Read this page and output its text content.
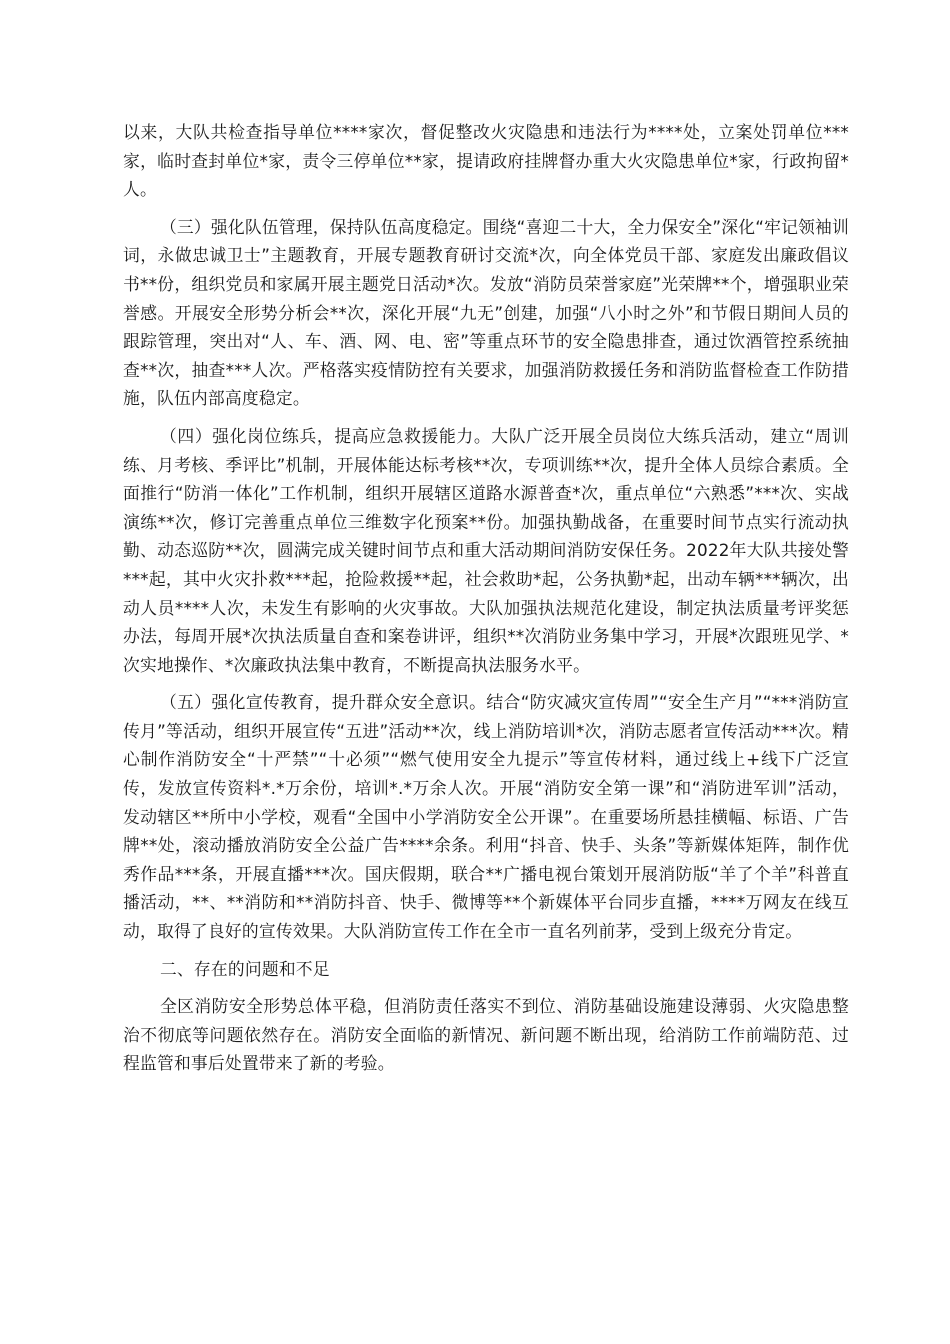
以来，大队共检查指导单位****家次，督促整改火灾隐患和违法行为****处，立案处罚单位***家，临时查封单位*家，责令三停单位**家，提请政府挂牌督办重大火灾隐患单位*家，行政拘留*人。

（三）强化队伍管理，保持队伍高度稳定。围绕“喜迎二十大，全力保安全”深化“牢记领袖训词，永做忠诚卫士”主题教育，开展专题教育研讨交流*次，向全体党员干部、家庭发出廉政倡议书**份，组织党员和家属开展主题党日活动*次。发放“消防员荣誉家庭”光荣牌**个，增强职业荣誉感。开展安全形势分析会**次，深化开展“九无”创建，加强“八小时之外”和节假日期间人员的跟踪管理，突出对“人、车、酒、网、电、密”等重点环节的安全隐患排查，通过饮酒管控系统抽查**次，抽查***人次。严格落实疫情防控有关要求，加强消防救援任务和消防监督检查工作防措施，队伍内部高度稳定。

（四）强化岗位练兵，提高应急救援能力。大队广泛开展全员岗位大练兵活动，建立“周训练、月考核、季评比”机制，开展体能达标考核**次，专项训练**次，提升全体人员综合素质。全面推行“防消一体化”工作机制，组织开展辖区道路水源普查*次，重点单位“六熟悉”***次、实战演练**次，修订完善重点单位三维数字化预案**份。加强执勤战备，在重要时间节点实行流动执勤、动态巡防**次，圆满完成关键时间节点和重大活动期间消防安保任务。2022年大队共接处警***起，其中火灾扑救***起，抢险救援**起，社会救助*起，公务执勤*起，出动车辆***辆次，出动人员****人次，未发生有影响的火灾事故。大队加强执法规范化建设，制定执法质量考评奖惩办法，每周开展*次执法质量自查和案卷讲评，组织**次消防业务集中学习，开展*次跟班见学、*次实地操作、*次廉政执法集中教育，不断提高执法服务水平。

（五）强化宣传教育，提升群众安全意识。结合“防灾减灾宣传周”“安全生产月”“***消防宣传月”等活动，组织开展宣传“五进”活动**次，线上消防培训*次，消防志愿者宣传活动***次。精心制作消防安全“十严禁”“十必须”“燃气使用安全九提示”等宣传材料，通过线上+线下广泛宣传，发放宣传资料*.*万余份，培训*.*万余人次。开展“消防安全第一课”和“消防进军训”活动，发动辖区**所中小学校，观看“全国中小学消防安全公开课”。在重要场所悬挂横幅、标语、广告牌**处，滚动播放消防安全公益广告****余条。利用“抖音、快手、头条”等新媒体矩阵，制作优秀作品***条，开展直播***次。国庆假期，联合**广播电视台策划开展消防版“羊了个羊”科普直播活动，**、**消防和**消防抖音、快手、微博等**个新媒体平台同步直播，****万网友在线互动，取得了良好的宣传效果。大队消防宣传工作在全市一直名列前茅，受到上级充分肯定。

二、存在的问题和不足

全区消防安全形势总体平稳，但消防责任落实不到位、消防基础设施建设薄弱、火灾隐患整治不彻底等问题依然存在。消防安全面临的新情况、新问题不断出现，给消防工作前端防范、过程监管和事后处置带来了新的考验。
